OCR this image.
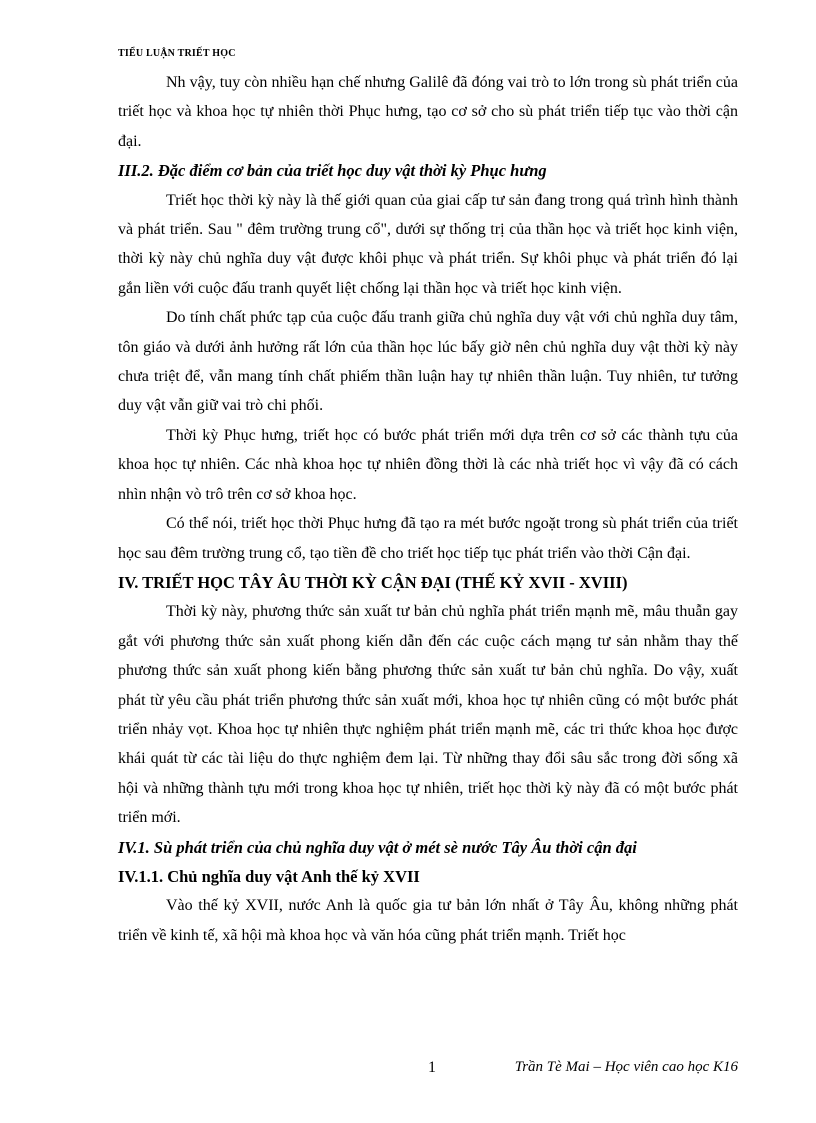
TIỂU LUẬN TRIẾT HỌC

Nh vậy, tuy còn nhiều hạn chế nhưng Galilê đã đóng vai trò to lớn trong sù phát triển của triết học và khoa học tự nhiên thời Phục hưng, tạo cơ sở cho sù phát triển tiếp tục vào thời cận đại.

III.2. Đặc điểm cơ bản của triết học duy vật thời kỳ Phục hưng

Triết học thời kỳ này là thế giới quan của giai cấp tư sản đang trong quá trình hình thành và phát triển. Sau " đêm trường trung cổ", dưới sự thống trị của thần học và triết học kinh viện, thời kỳ này chủ nghĩa duy vật được khôi phục và phát triển. Sự khôi phục và phát triển đó lại gắn liền với cuộc đấu tranh quyết liệt chống lại thần học và triết học kinh viện.

Do tính chất phức tạp của cuộc đấu tranh giữa chủ nghĩa duy vật với chủ nghĩa duy tâm, tôn giáo và dưới ảnh hưởng rất lớn của thần học lúc bấy giờ nên chủ nghĩa duy vật thời kỳ này chưa triệt để, vẫn mang tính chất phiếm thần luận hay tự nhiên thần luận. Tuy nhiên, tư tưởng duy vật vẫn giữ vai trò chi phối.

Thời kỳ Phục hưng, triết học có bước phát triển mới dựa trên cơ sở các thành tựu của khoa học tự nhiên. Các nhà khoa học tự nhiên đồng thời là các nhà triết học vì vậy đã có cách nhìn nhận vò trô trên cơ sở khoa học.

Có thể nói, triết học thời Phục hưng đã tạo ra mét bước ngoặt trong sù phát triển của triết học sau đêm trường trung cổ, tạo tiền đề cho triết học tiếp tục phát triển vào thời Cận đại.

IV. TRIẾT HỌC TÂY ÂU THỜI KỲ CẬN ĐẠI (THẾ KỶ XVII - XVIII)

Thời kỳ này, phương thức sản xuất tư bản chủ nghĩa phát triển mạnh mẽ, mâu thuẫn gay gắt với phương thức sản xuất phong kiến dẫn đến các cuộc cách mạng tư sản nhằm thay thế phương thức sản xuất phong kiến bằng phương thức sản xuất tư bản chủ nghĩa. Do vậy, xuất phát từ yêu cầu phát triển phương thức sản xuất mới, khoa học tự nhiên cũng có một bước phát triển nhảy vọt. Khoa học tự nhiên thực nghiệm phát triển mạnh mẽ, các tri thức khoa học được khái quát từ các tài liệu do thực nghiệm đem lại. Từ những thay đổi sâu sắc trong đời sống xã hội và những thành tựu mới trong khoa học tự nhiên, triết học thời kỳ này đã có một bước phát triển mới.

IV.1. Sù phát triển của chủ nghĩa duy vật ở mét sè nước Tây Âu thời cận đại
IV.1.1. Chủ nghĩa duy vật Anh thế kỷ XVII

Vào thế kỷ XVII, nước Anh là quốc gia tư bản lớn nhất ở Tây Âu, không những phát triển về kinh tế, xã hội mà khoa học và văn hóa cũng phát triển mạnh. Triết học

1	Trần Tè Mai – Học viên cao học K16
